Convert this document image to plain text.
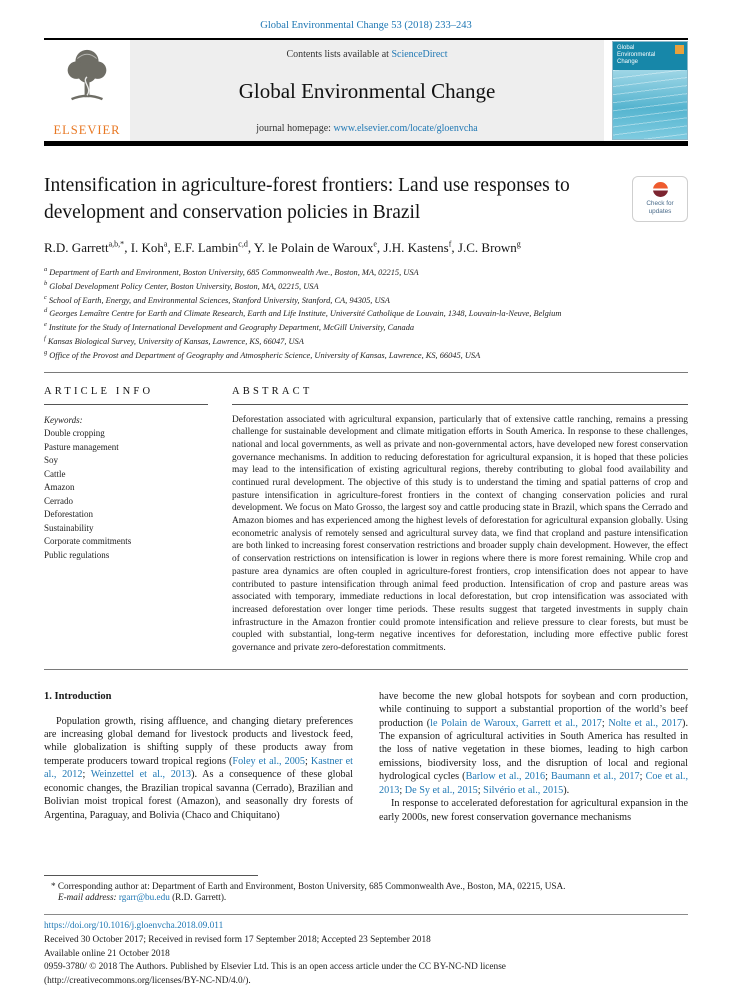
Global Environmental Change 53 (2018) 233–243
ELSEVIER
Contents lists available at ScienceDirect
Global Environmental Change
journal homepage: www.elsevier.com/locate/gloenvcha
Global Environmental Change
Intensification in agriculture-forest frontiers: Land use responses to development and conservation policies in Brazil	Check for
updates
R.D. Garrett$^{a,b,*}$ , I. Koh$^a$ , E.F. Lambin$^{c,d}$ , Y. le Polain de Waroux$^e$ , J.H. Kastens$^f$ , J.C. Brown$^g$
$^a$ Department of Earth and Environment, Boston University, 685 Commonwealth Ave., Boston, MA, 02215, USA
$^b$ Global Development Policy Center, Boston University, Boston, MA, 02215, USA
$^c$ School of Earth, Energy, and Environmental Sciences, Stanford University, Stanford, CA, 94305, USA
$^d$ Georges Lemaître Centre for Earth and Climate Research, Earth and Life Institute, Université Catholique de Louvain, 1348, Louvain-la-Neuve, Belgium
$^e$ Institute for the Study of International Development and Geography Department, McGill University, Canada
$^f$ Kansas Biological Survey, University of Kansas, Lawrence, KS, 66047, USA
$^g$ Office of the Provost and Department of Geography and Atmospheric Science, University of Kansas, Lawrence, KS, 66045, USA
ARTICLE INFO
Keywords:
Double cropping
Pasture management
Soy
Cattle
Amazon
Cerrado
Deforestation
Sustainability
Corporate commitments
Public regulations
ABSTRACT

Deforestation associated with agricultural expansion, particularly that of extensive cattle ranching, remains a pressing challenge for sustainable development and climate mitigation efforts in South America. In response to these challenges, national and local governments, as well as private and non-governmental actors, have developed new forest conservation governance mechanisms. In addition to reducing deforestation for agricultural expansion, it is hoped that these policies may lead to the intensification of existing agricultural regions, thereby contributing to global food availability and continued rural development. The objective of this study is to understand the timing and spatial patterns of crop and pasture intensification in agriculture-forest frontiers in the context of changing conservation policies and rural development. We focus on Mato Grosso, the largest soy and cattle producing state in Brazil, which spans the Cerrado and Amazon biomes and has experienced among the highest levels of deforestation for agricultural expansion globally. Using econometric analysis of remotely sensed and agricultural survey data, we find that cropland and pasture intensification are both linked to increasing forest conservation restrictions and broader supply chain development. However, the effect of conservation restrictions on intensification is lower in regions where there is more forest remaining. While crop and pasture area dynamics are often coupled in agriculture-forest frontiers, crop intensification does not appear to have contributed to pasture intensification through animal feed production. Intensification of crop and pasture areas was associated with temporary, immediate reductions in local deforestation, but crop intensification was associated with increased deforestation over longer time periods. These results suggest that targeted investments in supply chain infrastructure in the Amazon frontier could promote intensification and relieve pressure to clear forests, but must be coupled with substantial, long-term negative incentives for deforestation, including more effective public forest governance and private zero-deforestation commitments.

1. Introduction

Population growth, rising affluence, and changing dietary preferences are increasing global demand for livestock products and livestock feed, while globalization is shifting supply of these products away from temperate producers toward tropical regions (Foley et al., 2005; Kastner et al., 2012; Weinzettel et al., 2013). As a consequence of these global economic changes, the Brazilian tropical savanna (Cerrado), Brazilian and Bolivian moist tropical forest (Amazon), and seasonally dry forests of Argentina, Paraguay, and Bolivia (Chaco and Chiquitano)

have become the new global hotspots for soybean and corn production, while continuing to support a substantial proportion of the world’s beef production (le Polain de Waroux, Garrett et al., 2017; Nolte et al., 2017). The expansion of agricultural activities in South America has resulted in the loss of native vegetation in these biomes, leading to high carbon emissions, biodiversity loss, and the disruption of local and regional hydrological cycles (Barlow et al., 2016; Baumann et al., 2017; Coe et al., 2013; De Sy et al., 2015; Silvério et al., 2015).

In response to accelerated deforestation for agricultural expansion in the early 2000s, new forest conservation governance mechanisms

* Corresponding author at: Department of Earth and Environment, Boston University, 685 Commonwealth Ave., Boston, MA, 02215, USA.

E-mail address: rgarr@bu.edu (R.D. Garrett).

https://doi.org/10.1016/j.gloenvcha.2018.09.011

Received 30 October 2017; Received in revised form 17 September 2018; Accepted 23 September 2018

Available online 21 October 2018

0959-3780/ © 2018 The Authors. Published by Elsevier Ltd. This is an open access article under the CC BY-NC-ND license

(http://creativecommons.org/licenses/BY-NC-ND/4.0/).
